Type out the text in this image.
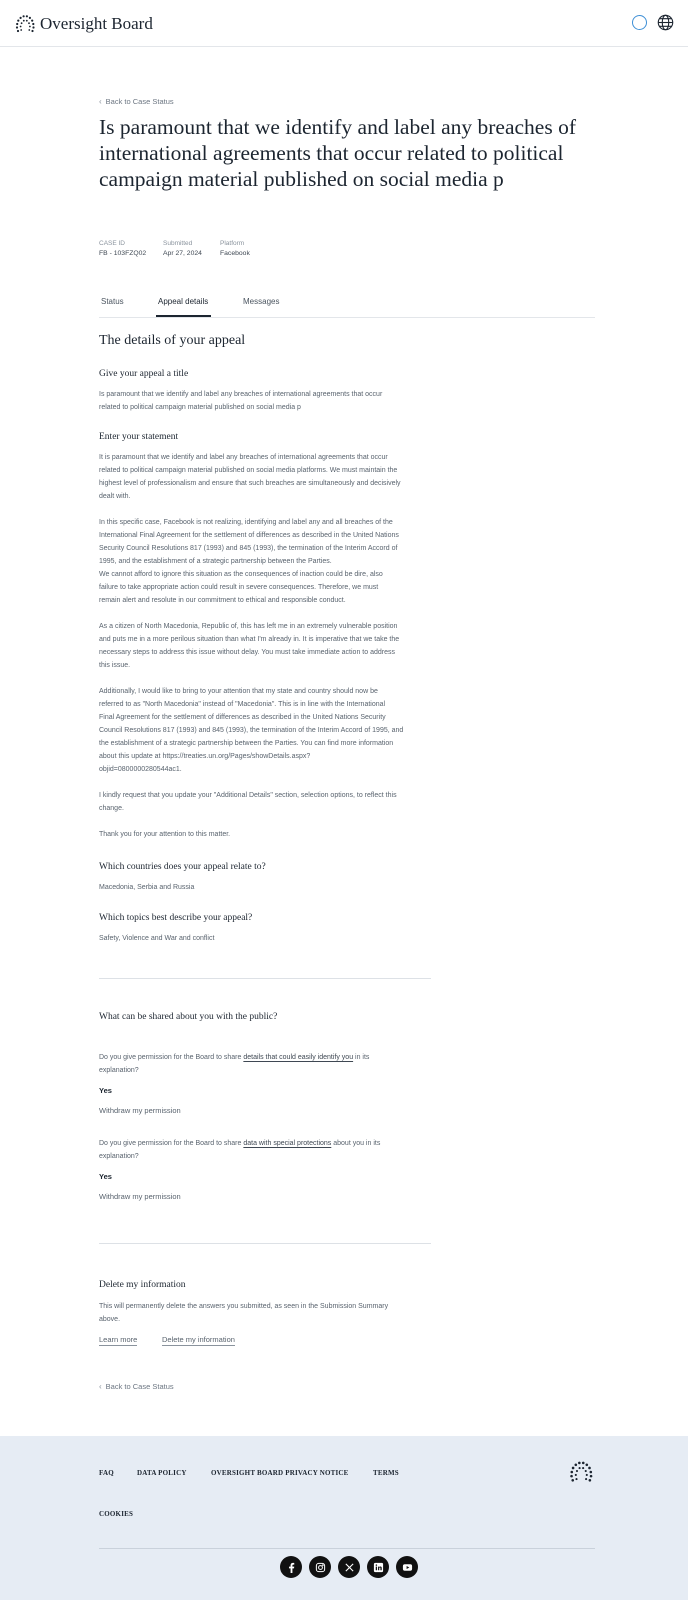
Oversight Board
‹ Back to Case Status
Is paramount that we identify and label any breaches of international agreements that occur related to political campaign material published on social media p
CASE ID
FB - 103FZQ02
Submitted
Apr 27, 2024
Platform
Facebook
Status	Appeal details	Messages
The details of your appeal
Give your appeal a title

Is paramount that we identify and label any breaches of international agreements that occur
related to political campaign material published on social media p

Enter your statement

It is paramount that we identify and label any breaches of international agreements that occur
related to political campaign material published on social media platforms. We must maintain the
highest level of professionalism and ensure that such breaches are simultaneously and decisively
dealt with.

In this specific case, Facebook is not realizing, identifying and label any and all breaches of the
International Final Agreement for the settlement of differences as described in the United Nations
Security Council Resolutions 817 (1993) and 845 (1993), the termination of the Interim Accord of
1995, and the establishment of a strategic partnership between the Parties.
We cannot afford to ignore this situation as the consequences of inaction could be dire, also
failure to take appropriate action could result in severe consequences. Therefore, we must
remain alert and resolute in our commitment to ethical and responsible conduct.

As a citizen of North Macedonia, Republic of, this has left me in an extremely vulnerable position
and puts me in a more perilous situation than what I'm already in. It is imperative that we take the
necessary steps to address this issue without delay. You must take immediate action to address
this issue.

Additionally, I would like to bring to your attention that my state and country should now be
referred to as "North Macedonia" instead of "Macedonia". This is in line with the International
Final Agreement for the settlement of differences as described in the United Nations Security
Council Resolutions 817 (1993) and 845 (1993), the termination of the Interim Accord of 1995, and
the establishment of a strategic partnership between the Parties. You can find more information
about this update at https://treaties.un.org/Pages/showDetails.aspx?
objid=0800000280544ac1.

I kindly request that you update your "Additional Details" section, selection options, to reflect this
change.

Thank you for your attention to this matter.

Which countries does your appeal relate to?

Macedonia, Serbia and Russia

Which topics best describe your appeal?

Safety, Violence and War and conflict

What can be shared about you with the public?

Do you give permission for the Board to share details that could easily identify you in its
explanation?

Yes
Withdraw my permission

Do you give permission for the Board to share data with special protections about you in its
explanation?

Yes
Withdraw my permission
Delete my information

This will permanently delete the answers you submitted, as seen in the Submission Summary
above.

Learn more	Delete my information
‹ Back to Case Status
FAQ	DATA POLICY	OVERSIGHT BOARD PRIVACY NOTICE	TERMS
COOKIES
